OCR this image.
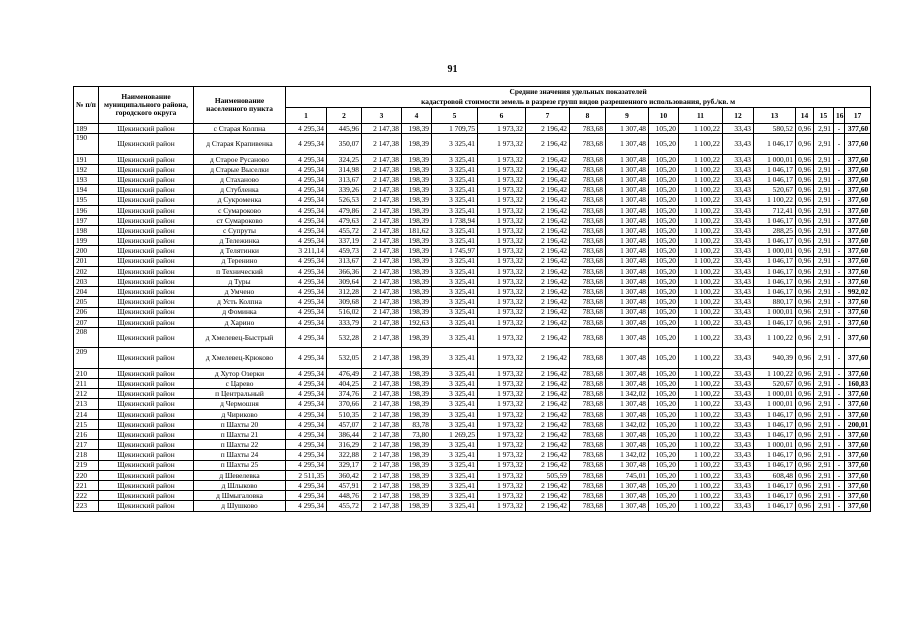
91
№ п/п	Наименование муниципального района, городского округа	Наименование населенного пункта	Средние значения удельных показателей
кадастровой стоимости земель в разрезе групп видов разрешенного использования, руб./кв. м																
			1	2	3	4	5	6	7	8	9	10	11	12	13	14	15	16	17
189	Щекинский район	с Старая Колпна	4 295,34	445,96	2 147,38	198,39	1 709,75	1 973,32	2 196,42	783,68	1 307,48	105,20	1 100,22	33,43	580,52	0,96	2,91	-	377,60
190	Щекинский район	д Старая Крапивенка	4 295,34	350,07	2 147,38	198,39	3 325,41	1 973,32	2 196,42	783,68	1 307,48	105,20	1 100,22	33,43	1 046,17	0,96	2,91	-	377,60
191	Щекинский район	д Старое Русаново	4 295,34	324,25	2 147,38	198,39	3 325,41	1 973,32	2 196,42	783,68	1 307,48	105,20	1 100,22	33,43	1 000,01	0,96	2,91	-	377,60
192	Щекинский район	д Старые Выселки	4 295,34	314,98	2 147,38	198,39	3 325,41	1 973,32	2 196,42	783,68	1 307,48	105,20	1 100,22	33,43	1 046,17	0,96	2,91	-	377,60
193	Щекинский район	д Стаханово	4 295,34	313,67	2 147,38	198,39	3 325,41	1 973,32	2 196,42	783,68	1 307,48	105,20	1 100,22	33,43	1 046,17	0,96	2,91	-	377,60
194	Щекинский район	д Стубленка	4 295,34	339,26	2 147,38	198,39	3 325,41	1 973,32	2 196,42	783,68	1 307,48	105,20	1 100,22	33,43	520,67	0,96	2,91	-	377,60
195	Щекинский район	д Сукроменка	4 295,34	526,53	2 147,38	198,39	3 325,41	1 973,32	2 196,42	783,68	1 307,48	105,20	1 100,22	33,43	1 100,22	0,96	2,91	-	377,60
196	Щекинский район	с Сумароково	4 295,34	479,86	2 147,38	198,39	3 325,41	1 973,32	2 196,42	783,68	1 307,48	105,20	1 100,22	33,43	712,41	0,96	2,91	-	377,60
197	Щекинский район	ст Сумароково	4 295,34	479,63	2 147,38	198,39	1 738,94	1 973,32	2 196,42	783,68	1 307,48	105,20	1 100,22	33,43	1 046,17	0,96	2,91	-	377,60
198	Щекинский район	с Супруты	4 295,34	455,72	2 147,38	181,62	3 325,41	1 973,32	2 196,42	783,68	1 307,48	105,20	1 100,22	33,43	288,25	0,96	2,91	-	377,60
199	Щекинский район	д Тележинка	4 295,34	337,19	2 147,38	198,39	3 325,41	1 973,32	2 196,42	783,68	1 307,48	105,20	1 100,22	33,43	1 046,17	0,96	2,91	-	377,60
200	Щекинский район	д Телятинки	3 211,14	459,73	2 147,38	198,39	1 745,97	1 973,32	2 196,42	783,68	1 307,48	105,20	1 100,22	33,43	1 000,01	0,96	2,91	-	377,60
201	Щекинский район	д Теренино	4 295,34	313,67	2 147,38	198,39	3 325,41	1 973,32	2 196,42	783,68	1 307,48	105,20	1 100,22	33,43	1 046,17	0,96	2,91	-	377,60
202	Щекинский район	п Технический	4 295,34	366,36	2 147,38	198,39	3 325,41	1 973,32	2 196,42	783,68	1 307,48	105,20	1 100,22	33,43	1 046,17	0,96	2,91	-	377,60
203	Щекинский район	д Туры	4 295,34	309,64	2 147,38	198,39	3 325,41	1 973,32	2 196,42	783,68	1 307,48	105,20	1 100,22	33,43	1 046,17	0,96	2,91	-	377,60
204	Щекинский район	д Умчено	4 295,34	312,28	2 147,38	198,39	3 325,41	1 973,32	2 196,42	783,68	1 307,48	105,20	1 100,22	33,43	1 046,17	0,96	2,91	-	992,02
205	Щекинский район	д Усть Колпна	4 295,34	309,68	2 147,38	198,39	3 325,41	1 973,32	2 196,42	783,68	1 307,48	105,20	1 100,22	33,43	880,17	0,96	2,91	-	377,60
206	Щекинский район	д Фоминка	4 295,34	516,02	2 147,38	198,39	3 325,41	1 973,32	2 196,42	783,68	1 307,48	105,20	1 100,22	33,43	1 000,01	0,96	2,91	-	377,60
207	Щекинский район	д Харино	4 295,34	333,79	2 147,38	192,63	3 325,41	1 973,32	2 196,42	783,68	1 307,48	105,20	1 100,22	33,43	1 046,17	0,96	2,91	-	377,60
208	Щекинский район	д Хмелевец-Быстрый	4 295,34	532,28	2 147,38	198,39	3 325,41	1 973,32	2 196,42	783,68	1 307,48	105,20	1 100,22	33,43	1 100,22	0,96	2,91	-	377,60
209	Щекинский район	д Хмелевец-Крюково	4 295,34	532,05	2 147,38	198,39	3 325,41	1 973,32	2 196,42	783,68	1 307,48	105,20	1 100,22	33,43	940,39	0,96	2,91	-	377,60
210	Щекинский район	д Хутор Озерки	4 295,34	476,49	2 147,38	198,39	3 325,41	1 973,32	2 196,42	783,68	1 307,48	105,20	1 100,22	33,43	1 100,22	0,96	2,91	-	377,60
211	Щекинский район	с Царево	4 295,34	404,25	2 147,38	198,39	3 325,41	1 973,32	2 196,42	783,68	1 307,48	105,20	1 100,22	33,43	520,67	0,96	2,91	-	160,83
212	Щекинский район	п Центральный	4 295,34	374,76	2 147,38	198,39	3 325,41	1 973,32	2 196,42	783,68	1 342,02	105,20	1 100,22	33,43	1 000,01	0,96	2,91	-	377,60
213	Щекинский район	д Чермошня	4 295,34	370,66	2 147,38	198,39	3 325,41	1 973,32	2 196,42	783,68	1 307,48	105,20	1 100,22	33,43	1 000,01	0,96	2,91	-	377,60
214	Щекинский район	д Чириково	4 295,34	510,35	2 147,38	198,39	3 325,41	1 973,32	2 196,42	783,68	1 307,48	105,20	1 100,22	33,43	1 046,17	0,96	2,91	-	377,60
215	Щекинский район	п Шахты 20	4 295,34	457,07	2 147,38	83,78	3 325,41	1 973,32	2 196,42	783,68	1 342,02	105,20	1 100,22	33,43	1 046,17	0,96	2,91	-	200,01
216	Щекинский район	п Шахты 21	4 295,34	386,44	2 147,38	73,80	1 269,25	1 973,32	2 196,42	783,68	1 307,48	105,20	1 100,22	33,43	1 046,17	0,96	2,91	-	377,60
217	Щекинский район	п Шахты 22	4 295,34	316,29	2 147,38	198,39	3 325,41	1 973,32	2 196,42	783,68	1 307,48	105,20	1 100,22	33,43	1 000,01	0,96	2,91	-	377,60
218	Щекинский район	п Шахты 24	4 295,34	322,88	2 147,38	198,39	3 325,41	1 973,32	2 196,42	783,68	1 342,02	105,20	1 100,22	33,43	1 046,17	0,96	2,91	-	377,60
219	Щекинский район	п Шахты 25	4 295,34	329,17	2 147,38	198,39	3 325,41	1 973,32	2 196,42	783,68	1 307,48	105,20	1 100,22	33,43	1 046,17	0,96	2,91	-	377,60
220	Щекинский район	д Шевелевка	2 511,35	360,42	2 147,38	198,39	3 325,41	1 973,32	505,59	783,68	745,01	105,20	1 100,22	33,43	608,48	0,96	2,91	-	377,60
221	Щекинский район	д Шлыково	4 295,34	457,91	2 147,38	198,39	3 325,41	1 973,32	2 196,42	783,68	1 307,48	105,20	1 100,22	33,43	1 046,17	0,96	2,91	-	377,60
222	Щекинский район	д Шмыгаловка	4 295,34	448,76	2 147,38	198,39	3 325,41	1 973,32	2 196,42	783,68	1 307,48	105,20	1 100,22	33,43	1 046,17	0,96	2,91	-	377,60
223	Щекинский район	д Шушково	4 295,34	455,72	2 147,38	198,39	3 325,41	1 973,32	2 196,42	783,68	1 307,48	105,20	1 100,22	33,43	1 046,17	0,96	2,91	-	377,60
